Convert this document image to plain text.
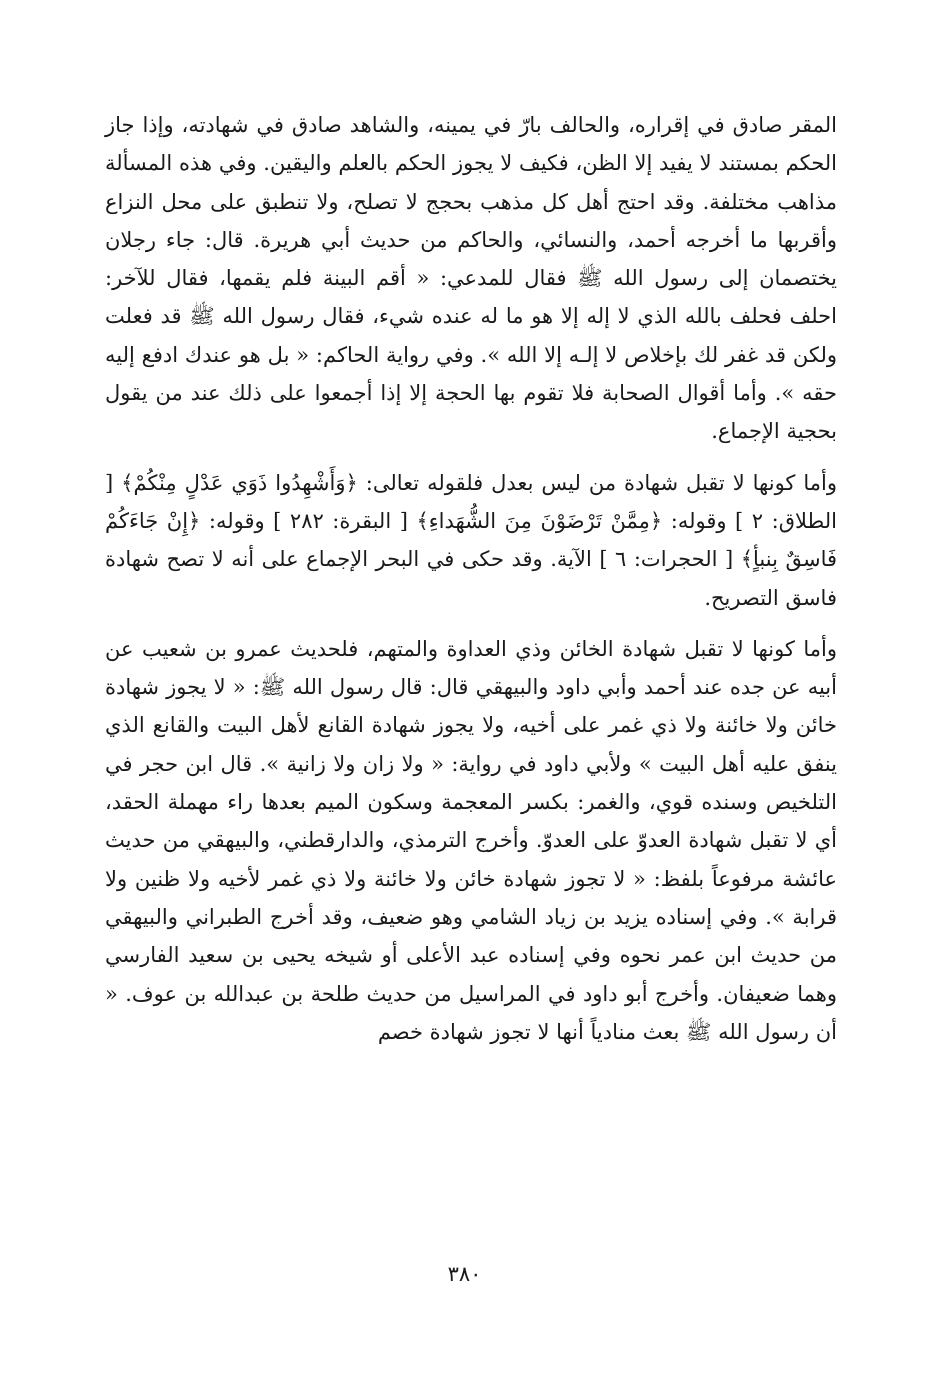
المقر صادق في إقراره، والحالف بارّ في يمينه، والشاهد صادق في شهادته، وإذا جاز الحكم بمستند لا يفيد إلا الظن، فكيف لا يجوز الحكم بالعلم واليقين. وفي هذه المسألة مذاهب مختلفة. وقد احتج أهل كل مذهب بحجج لا تصلح، ولا تنطبق على محل النزاع وأقربها ما أخرجه أحمد، والنسائي، والحاكم من حديث أبي هريرة. قال: جاء رجلان يختصمان إلى رسول الله ﷺ فقال للمدعي: « أقم البينة فلم يقمها، فقال للآخر: احلف فحلف بالله الذي لا إله إلا هو ما له عنده شيء، فقال رسول الله ﷺ قد فعلت ولكن قد غفر لك بإخلاص لا إلـه إلا الله ». وفي رواية الحاكم: « بل هو عندك ادفع إليه حقه ». وأما أقوال الصحابة فلا تقوم بها الحجة إلا إذا أجمعوا على ذلك عند من يقول بحجية الإجماع.

وأما كونها لا تقبل شهادة من ليس بعدل فلقوله تعالى: ﴿وَأَشْهِدُوا ذَوَي عَدْلٍ مِنْكُمْ﴾ [ الطلاق: ٢ ] وقوله: ﴿مِمَّنْ تَرْضَوْنَ مِنَ الشُّهَداءِ﴾ [ البقرة: ٢٨٢ ] وقوله: ﴿إِنْ جَاءَكُمْ فَاسِقٌ بِنبأٍ﴾ [ الحجرات: ٦ ] الآية. وقد حكى في البحر الإجماع على أنه لا تصح شهادة فاسق التصريح.

وأما كونها لا تقبل شهادة الخائن وذي العداوة والمتهم، فلحديث عمرو بن شعيب عن أبيه عن جده عند أحمد وأبي داود والبيهقي قال: قال رسول الله ﷺ: « لا يجوز شهادة خائن ولا خائنة ولا ذي غمر على أخيه، ولا يجوز شهادة القانع لأهل البيت والقانع الذي ينفق عليه أهل البيت » ولأبي داود في رواية: « ولا زان ولا زانية ». قال ابن حجر في التلخيص وسنده قوي، والغمر: بكسر المعجمة وسكون الميم بعدها راء مهملة الحقد، أي لا تقبل شهادة العدوّ على العدوّ. وأخرج الترمذي، والدارقطني، والبيهقي من حديث عائشة مرفوعاً بلفظ: « لا تجوز شهادة خائن ولا خائنة ولا ذي غمر لأخيه ولا ظنين ولا قرابة ». وفي إسناده يزيد بن زياد الشامي وهو ضعيف، وقد أخرج الطبراني والبيهقي من حديث ابن عمر نحوه وفي إسناده عبد الأعلى أو شيخه يحيى بن سعيد الفارسي وهما ضعيفان. وأخرج أبو داود في المراسيل من حديث طلحة بن عبدالله بن عوف. « أن رسول الله ﷺ بعث منادياً أنها لا تجوز شهادة خصم

٣٨٠
